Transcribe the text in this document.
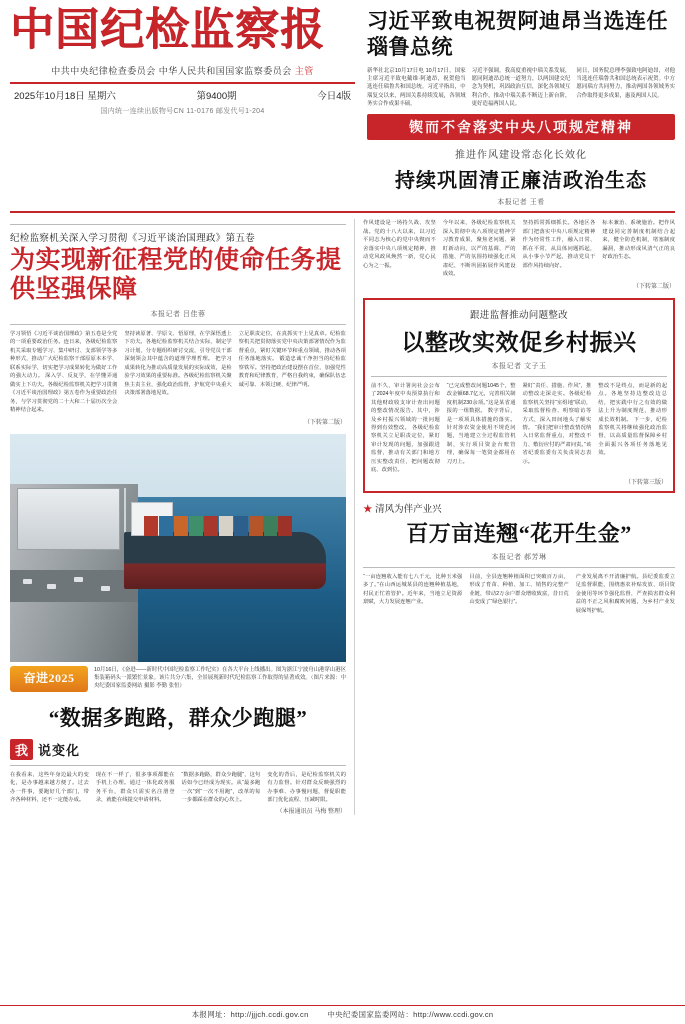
中国纪检监察报
中共中央纪律检查委员会 中华人民共和国国家监察委员会 主管
2025年10月18日 星期六	第9400期	今日4版
国内统一连续出版物号CN 11-0176 邮发代号1-204
习近平致电祝贺阿迪昂当选连任瑙鲁总统
新华社北京10月17日电 10月17日，国家主席习近平致电戴维·阿迪昂，祝贺他当选连任瑙鲁共和国总统。习近平指出，中瑙复交以来，两国关系持续发展，各领域务实合作成果丰硕。
习近平强调，我高度重视中瑙关系发展，愿同阿迪昂总统一道努力，以两国建交纪念为契机，巩固政治互信，深化各领域互利合作，推动中瑙关系不断迈上新台阶，更好造福两国人民。
同日，国务院总理李强致电阿迪昂，对他当选连任瑙鲁共和国总统表示祝贺。中方愿同瑙方共同努力，推动两国各领域务实合作取得更多成果，惠及两国人民。
锲而不舍落实中央八项规定精神
推进作风建设常态化长效化
持续巩固清正廉洁政治生态
本报记者 王希
纪检监察机关深入学习贯彻《习近平谈治国理政》第五卷
为实现新征程党的使命任务提供坚强保障
本报记者 吕佳蓉
学习领悟《习近平谈治国理政》第五卷是全党的一项重要政治任务。连日来，各级纪检监察机关采取专题学习、集中研讨、支部领学等多种形式，推动广大纪检监察干部原原本本学、联系实际学，切实把学习成果转化为做好工作的强大动力。 深入学、反复学，在学懂弄通做实上下功夫。各级纪检监察机关把学习贯彻《习近平谈治国理政》第五卷作为重要政治任务，与学习贯彻党的二十大和二十届历次全会精神结合起来。
坚持读原著、学原文、悟原理，在学深悟透上下功夫。各地纪检监察机关结合实际，制定学习计划，分专题组织研讨交流，引导党员干部深刻领会其中蕴含的道理学理哲理。 把学习成果转化为推动高质量发展的实际成效，是检验学习效果的重要标准。各级纪检监察机关聚焦主责主业，强化政治监督，护航党中央重大决策部署落地见效。
立足职责定位，在真抓实干上见真章。纪检监察机关把贯彻落实党中央决策部署情况作为监督重点，紧盯关键环节和重点领域，推动各项任务落地落实。 锻造忠诚干净担当的纪检监察铁军。坚持把政治建设摆在首位，加强党性教育和纪律教育，严格自我约束，确保队伍忠诚可靠、本领过硬、纪律严明。
（下转第二版）
奋进2025
10月16日，《奋进——新时代中国纪检监察工作纪实》在各大平台上线播出。图为浙江宁波舟山港穿山港区集装箱码头一派繁忙景象。该片共分六集，全景展现新时代纪检监察工作取得的显著成效。（图片来源：中央纪委国家监委网站 摄影 李勤 张恒）
“数据多跑路，群众少跑腿”
我 说变化
在我看来，这些年身边最大的变化，是办事越来越方便了。过去办一件事，要跑好几个部门，带齐各种材料，还不一定能办成。
现在不一样了，很多事项都能在手机上办理。通过一体化政务服务平台，群众只需实名注册登录，就能在线提交申请材料。
“数据多跑路，群众少跑腿”，这句话如今已经成为现实。从“最多跑一次”到“一次不用跑”，改革的每一步都踩在群众的心坎上。
变化的背后，是纪检监察机关的有力监督。针对群众反映强烈的办事难、办事慢问题，督促职能部门优化流程、压减时限。
（本报通讯员 马梅 整理）
作风建设是一场持久战、攻坚战。党的十八大以来，以习近平同志为核心的党中央锲而不舍落实中央八项规定精神，推动党风政风焕然一新，党心民心为之一振。
今年以来，各级纪检监察机关深入贯彻中央八项规定精神学习教育成果，聚焦老问题、紧盯新动向，以严的基调、严的措施、严的氛围持续强化正风肃纪，不断巩固拓展作风建设成效。
坚持抓常抓细抓长。各地区各部门把落实中央八项规定精神作为经常性工作，融入日常、抓在平常，从具体问题抓起，从小事小节严起，推动党员干部作风持续向好。
标本兼治、系统施治。把作风建设同完善制度机制结合起来，健全防范机制，堵塞制度漏洞，推动形成风清气正的良好政治生态。
（下转第二版）
跟进监督推动问题整改
以整改实效促乡村振兴
本报记者 文子玉
前不久，审计署向社会公布了2024年度中央预算执行和其他财政收支审计查出问题的整改情况报告。其中，涉及乡村振兴领域的一批问题得到有效整改。 各级纪检监察机关立足职责定位，紧盯审计发现的问题，加强跟进监督，推动有关部门和地方压实整改责任，把问题改彻底、改到位。
“已完成整改问题1045个，整改金额68.7亿元，完善相关制度机制230余项。”这是某省通报的一组数据。 数字背后，是一项项具体措施的落实。针对涉农资金使用不规范问题，当地建立全过程监管机制，实行项目资金台账管理，确保每一笔资金都用在刀刃上。
紧盯“责任、措施、作风”，推动整改走深走实。各级纪检监察机关坚持“室组地”联动，采取监督检查、明察暗访等方式，深入田间地头了解实情。 “我们把审计整改情况纳入日常监督重点，对整改不力、敷衍应付的严肃问责。”该省纪委监委有关负责同志表示。
整改不是终点，而是新的起点。各地坚持边整改边总结，把实践中行之有效的做法上升为制度规范，推动形成长效机制。 下一步，纪检监察机关将继续强化政治监督，以高质量监督保障乡村全面振兴各项任务落地见效。
（下转第三版）
★ 清风为伴产业兴
百万亩连翘“花开生金”
本报记者 郝芳琳
“一亩连翘收入能有七八千元，比种玉米强多了。”在山西运城某县的连翘种植基地，村民正忙着管护。近年来，当地立足资源禀赋，大力发展连翘产业。
目前，全县连翘种植面积已突破百万亩，形成了育苗、种植、加工、销售的完整产业链，带动2万余户群众增收致富，昔日荒山变成了“绿色银行”。
产业发展离不开清廉护航。县纪委监委立足监督职能，围绕惠农补贴发放、项目资金使用等环节强化监督，严查损害群众利益的不正之风和腐败问题，为乡村产业发展保驾护航。
本报网址：http://jjjch.ccdi.gov.cn	中央纪委国家监委网站：http://www.ccdi.gov.cn
